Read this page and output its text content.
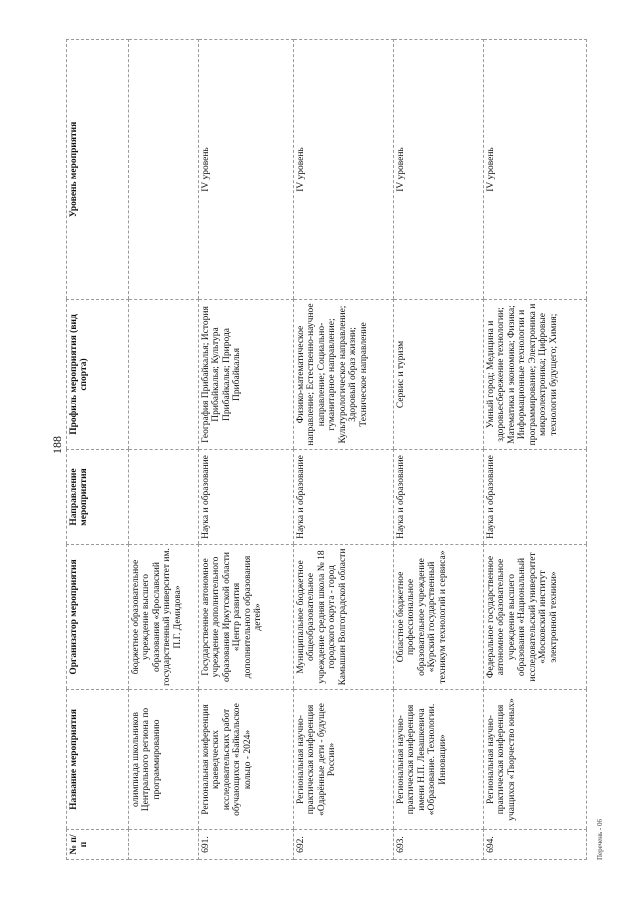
188
№ п/п	Название мероприятия	Организатор мероприятия	Направление мероприятия	Профиль мероприятия (вид спорта)	Уровень мероприятия
	олимпиада школьников Центрального региона по программированию	бюджетное образовательное учреждение высшего образования «Ярославский государственный университет им. П.Г. Демидова»			
691.	Региональная конференция краеведческих исследовательских работ обучающихся «Байкальское кольцо - 2024»	Государственное автономное учреждение дополнительного образования Иркутской области «Центр развития дополнительного образования детей»	Наука и образование	География Прибайкалья; История Прибайкалья; Культура Прибайкалья; Природа Прибайкалья	IV уровень
692.	Региональная научно-практическая конференция «Одарённые дети - будущее России»	Муниципальное бюджетное общеобразовательное учреждение средняя школа № 18 городского округа - город Камышин Волгоградской области	Наука и образование	Физико-математическое направление; Естественно-научное направление; Социально-гуманитарное направление; Культурологическое направление; Здоровый образ жизни; Техническое направление	IV уровень
693.	Региональная научно-практическая конференция имени Н.П. Левашкевича «Образование. Технологии. Инновации»	Областное бюджетное профессиональное образовательное учреждение «Курский государственный техникум технологий и сервиса»	Наука и образование	Сервис и туризм	IV уровень
694.	Региональная научно-практическая конференция учащихся «Творчество юных»	Федеральное государственное автономное образовательное учреждение высшего образования «Национальный исследовательский университет «Московский институт электронной техники»	Наука и образование	Умный город; Медицина и здоровьесбережение технологии; Математика и экономика; Физика; Информационные технологии и программирование; Электроника и микроэлектроника; Цифровые технологии будущего; Химия;	IV уровень
Перечень - 06
